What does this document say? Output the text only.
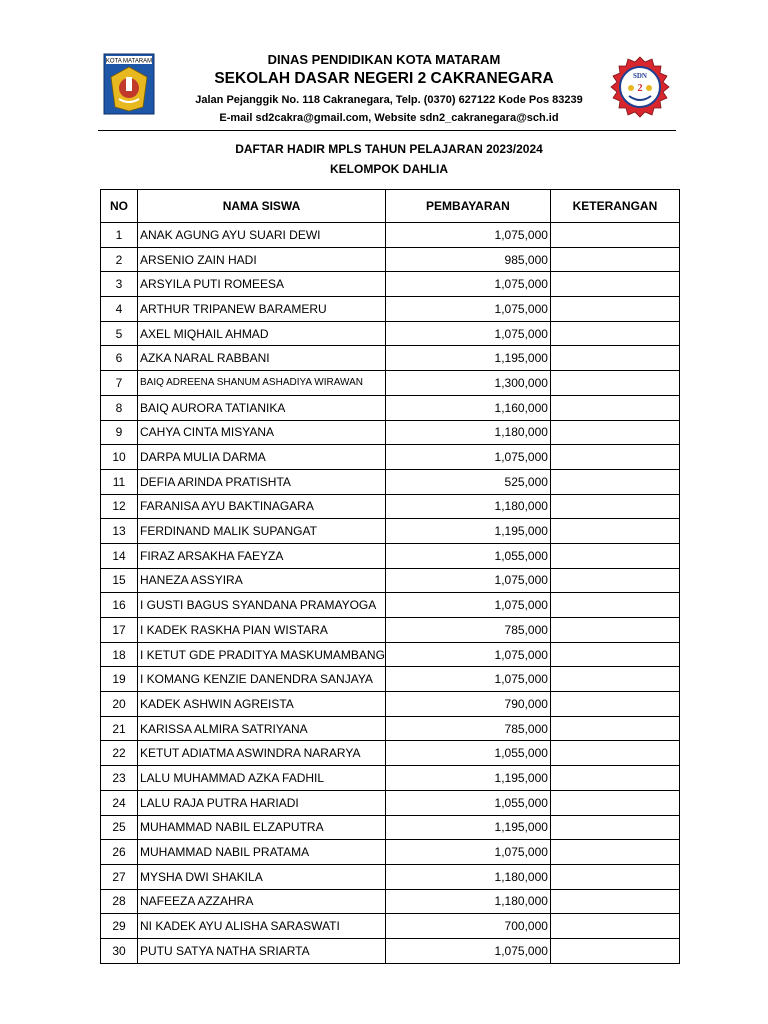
KOTA MATARAM	DINAS PENDIDIKAN KOTA MATARAM
SEKOLAH DASAR NEGERI 2 CAKRANEGARA
Jalan Pejanggik No. 118 Cakranegara, Telp. (0370) 627122 Kode Pos 83239
E-mail sd2cakra@gmail.com, Website sdn2_cakranegara@sch.id
SDN
2
DAFTAR HADIR MPLS TAHUN PELAJARAN 2023/2024
KELOMPOK DAHLIA
NO	NAMA SISWA	PEMBAYARAN	KETERANGAN
1	ANAK AGUNG AYU SUARI DEWI	1,075,000	
2	ARSENIO ZAIN HADI	985,000	
3	ARSYILA PUTI ROMEESA	1,075,000	
4	ARTHUR TRIPANEW BARAMERU	1,075,000	
5	AXEL MIQHAIL AHMAD	1,075,000	
6	AZKA NARAL RABBANI	1,195,000	
7	BAIQ ADREENA SHANUM ASHADIYA WIRAWAN	1,300,000	
8	BAIQ AURORA TATIANIKA	1,160,000	
9	CAHYA CINTA MISYANA	1,180,000	
10	DARPA MULIA DARMA	1,075,000	
11	DEFIA ARINDA PRATISHTA	525,000	
12	FARANISA AYU BAKTINAGARA	1,180,000	
13	FERDINAND MALIK SUPANGAT	1,195,000	
14	FIRAZ ARSAKHA FAEYZA	1,055,000	
15	HANEZA ASSYIRA	1,075,000	
16	I GUSTI BAGUS SYANDANA PRAMAYOGA	1,075,000	
17	I KADEK RASKHA PIAN WISTARA	785,000	
18	I KETUT GDE PRADITYA MASKUMAMBANG	1,075,000	
19	I KOMANG KENZIE DANENDRA SANJAYA	1,075,000	
20	KADEK ASHWIN AGREISTA	790,000	
21	KARISSA ALMIRA SATRIYANA	785,000	
22	KETUT ADIATMA ASWINDRA NARARYA	1,055,000	
23	LALU MUHAMMAD AZKA FADHIL	1,195,000	
24	LALU RAJA PUTRA HARIADI	1,055,000	
25	MUHAMMAD NABIL ELZAPUTRA	1,195,000	
26	MUHAMMAD NABIL PRATAMA	1,075,000	
27	MYSHA DWI SHAKILA	1,180,000	
28	NAFEEZA AZZAHRA	1,180,000	
29	NI KADEK AYU ALISHA SARASWATI	700,000	
30	PUTU SATYA NATHA SRIARTA	1,075,000	
